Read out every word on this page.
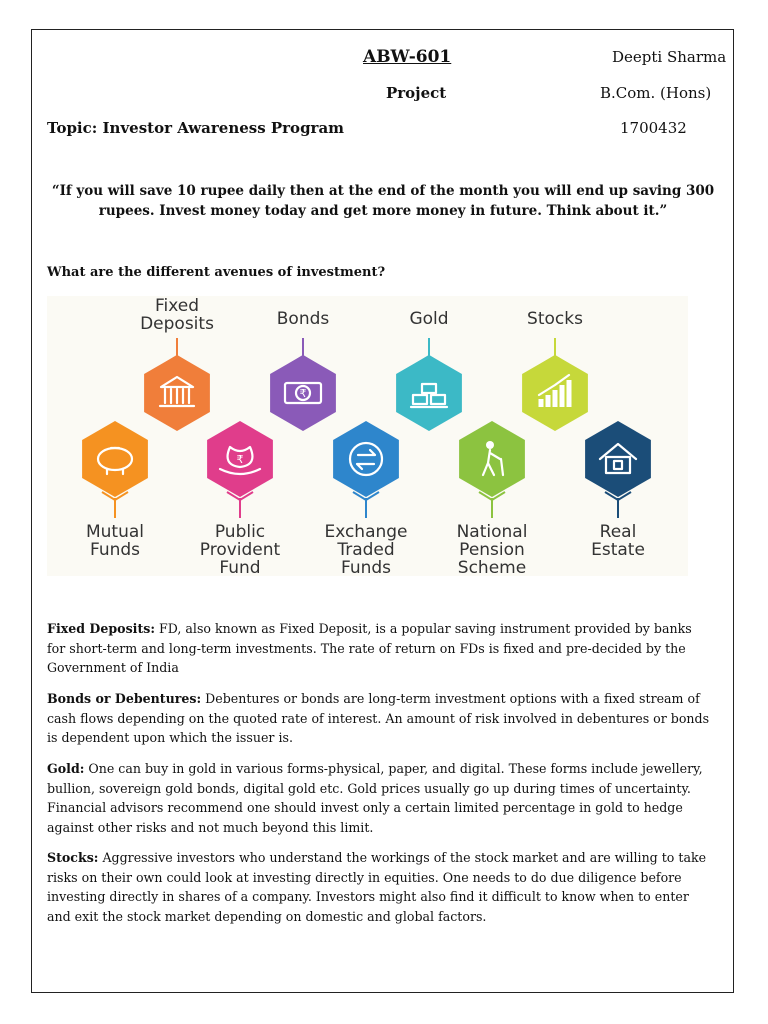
ABW-601	Deepti Sharma
Project	B.Com. (Hons)
Topic: Investor Awareness Program	1700432
“If you will save 10 rupee daily then at the end of the month you will end up saving 300 rupees. Invest money today and get more money in future. Think about it.”
What are the different avenues of investment?
Fixed
Deposits	Bonds
₹
Gold	Stocks
Mutual
Funds
₹
Public
Provident
Fund
Exchange
Traded
Funds
National
Pension
Scheme
Real
Estate
Fixed Deposits: FD, also known as Fixed Deposit, is a popular saving instrument provided by banks for short-term and long-term investments. The rate of return on FDs is fixed and pre-decided by the Government of India
Bonds or Debentures: Debentures or bonds are long-term investment options with a fixed stream of cash flows depending on the quoted rate of interest. An amount of risk involved in debentures or bonds is dependent upon which the issuer is.
Gold: One can buy in gold in various forms-physical, paper, and digital. These forms include jewellery, bullion, sovereign gold bonds, digital gold etc. Gold prices usually go up during times of uncertainty. Financial advisors recommend one should invest only a certain limited percentage in gold to hedge against other risks and not much beyond this limit.
Stocks: Aggressive investors who understand the workings of the stock market and are willing to take risks on their own could look at investing directly in equities. One needs to do due diligence before investing directly in shares of a company. Investors might also find it difficult to know when to enter and exit the stock market depending on domestic and global factors.
